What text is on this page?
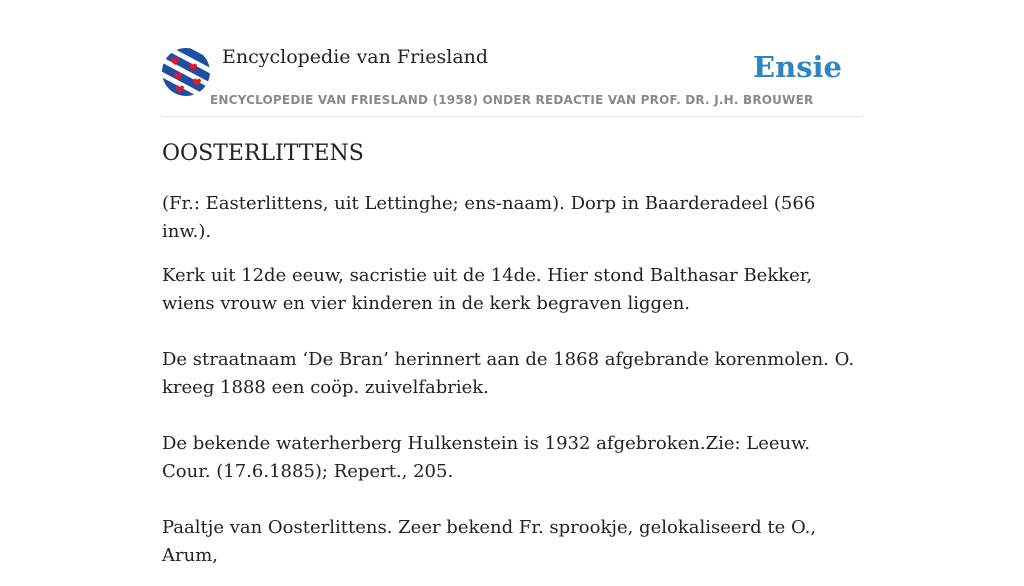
Encyclopedie van Friesland	Ensie
ENCYCLOPEDIE VAN FRIESLAND (1958) ONDER REDACTIE VAN PROF. DR. J.H. BROUWER
OOSTERLITTENS

(Fr.: Easterlittens, uit Lettinghe; ens-naam). Dorp in Baarderadeel (566 inw.).

Kerk uit 12de eeuw, sacristie uit de 14de. Hier stond Balthasar Bekker, wiens vrouw en vier kinderen in de kerk begraven liggen.

De straatnaam ‘De Bran’ herinnert aan de 1868 afgebrande korenmolen. O. kreeg 1888 een coöp. zuivelfabriek.

De bekende waterherberg Hulkenstein is 1932 afgebroken.Zie: Leeuw. Cour. (17.6.1885); Repert., 205.

Paaltje van Oosterlittens. Zeer bekend Fr. sprookje, gelokaliseerd te O., Arum,
